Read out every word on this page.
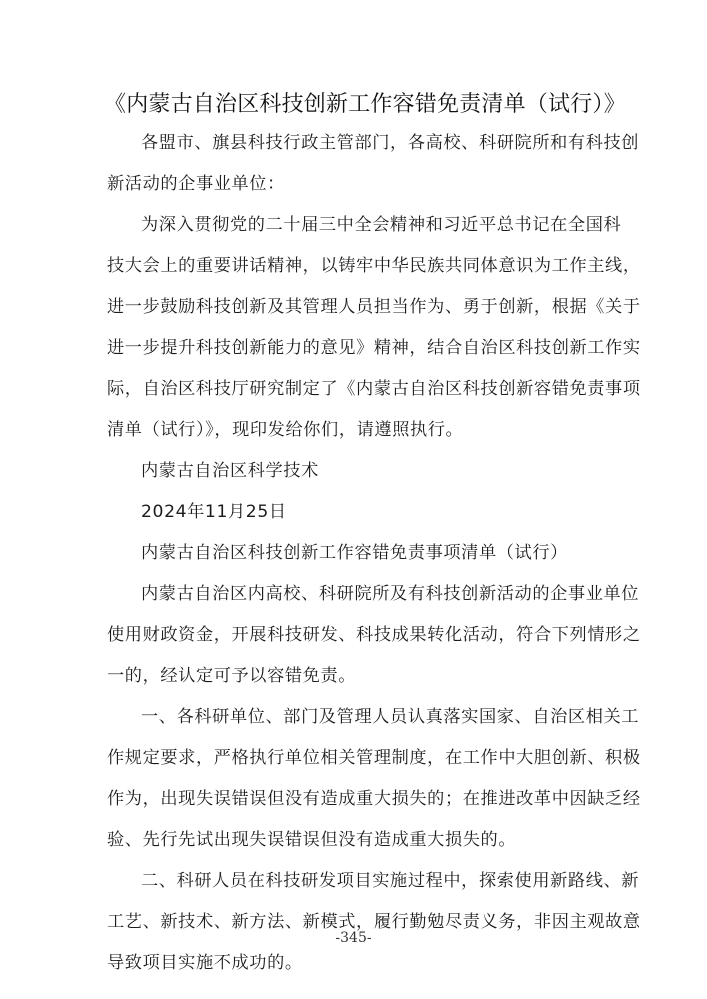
《内蒙古自治区科技创新工作容错免责清单（试行）》
各盟市、旗县科技行政主管部门，各高校、科研院所和有科技创
新活动的企事业单位：
为深入贯彻党的二十届三中全会精神和习近平总书记在全国科
技大会上的重要讲话精神，以铸牢中华民族共同体意识为工作主线，
进一步鼓励科技创新及其管理人员担当作为、勇于创新，根据《关于
进一步提升科技创新能力的意见》精神，结合自治区科技创新工作实
际，自治区科技厅研究制定了《内蒙古自治区科技创新容错免责事项
清单（试行）》，现印发给你们，请遵照执行。
内蒙古自治区科学技术
2024年11月25日
内蒙古自治区科技创新工作容错免责事项清单（试行）
内蒙古自治区内高校、科研院所及有科技创新活动的企事业单位
使用财政资金，开展科技研发、科技成果转化活动，符合下列情形之
一的，经认定可予以容错免责。
一、各科研单位、部门及管理人员认真落实国家、自治区相关工
作规定要求，严格执行单位相关管理制度，在工作中大胆创新、积极
作为，出现失误错误但没有造成重大损失的；在推进改革中因缺乏经
验、先行先试出现失误错误但没有造成重大损失的。
二、科研人员在科技研发项目实施过程中，探索使用新路线、新
工艺、新技术、新方法、新模式，履行勤勉尽责义务，非因主观故意
导致项目实施不成功的。
-345-
